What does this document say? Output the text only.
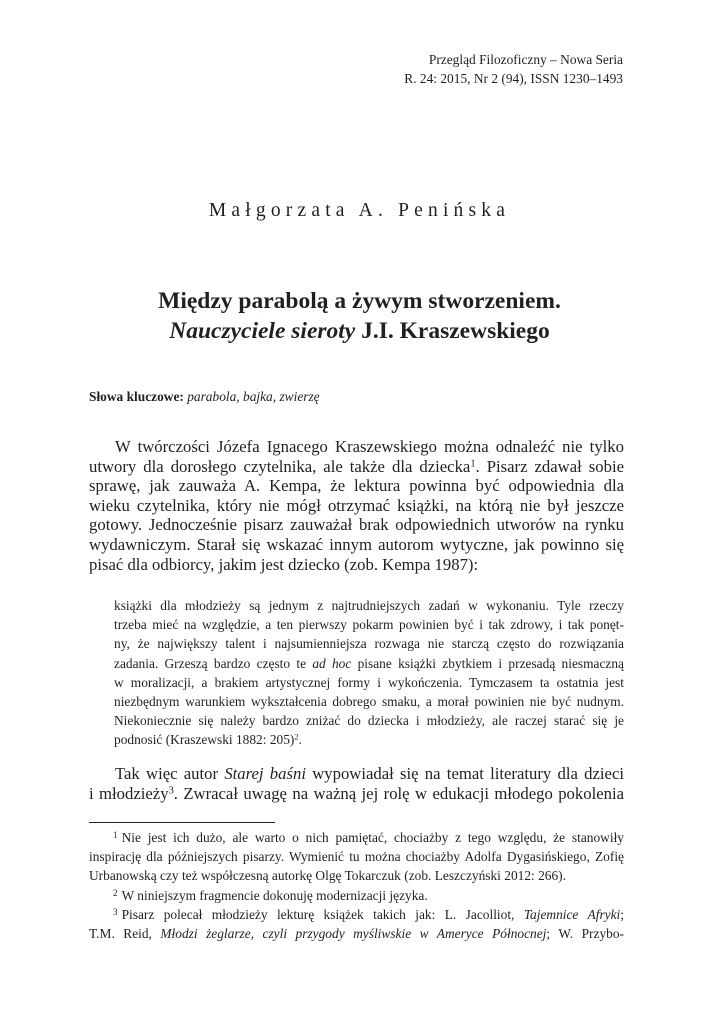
Przegląd Filozoficzny – Nowa Seria
R. 24: 2015, Nr 2 (94), ISSN 1230–1493
Małgorzata A. Penińska
Między parabolą a żywym stworzeniem.
Nauczyciele sieroty J.I. Kraszewskiego
Słowa kluczowe: parabola, bajka, zwierzę
W twórczości Józefa Ignacego Kraszewskiego można odnaleźć nie tylko
utwory dla dorosłego czytelnika, ale także dla dziecka$^1$. Pisarz zdawał sobie
sprawę, jak zauważa A. Kempa, że lektura powinna być odpowiednia dla
wieku czytelnika, który nie mógł otrzymać książki, na którą nie był jeszcze
gotowy. Jednocześnie pisarz zauważał brak odpowiednich utworów na rynku
wydawniczym. Starał się wskazać innym autorom wytyczne, jak powinno się
pisać dla odbiorcy, jakim jest dziecko (zob. Kempa 1987):
książki dla młodzieży są jednym z najtrudniejszych zadań w wykonaniu. Tyle rzeczy
trzeba mieć na względzie, a ten pierwszy pokarm powinien być i tak zdrowy, i tak ponęt-
ny, że największy talent i najsumienniejsza rozwaga nie starczą często do rozwiązania
zadania. Grzeszą bardzo często te ad hoc pisane książki zbytkiem i przesadą niesmaczną
w moralizacji, a brakiem artystycznej formy i wykończenia. Tymczasem ta ostatnia jest
niezbędnym warunkiem wykształcenia dobrego smaku, a morał powinien nie być nudnym.
Niekoniecznie się należy bardzo zniżać do dziecka i młodzieży, ale raczej starać się je
podnosić (Kraszewski 1882: 205)$^2$.
Tak więc autor Starej baśni wypowiadał się na temat literatury dla dzieci
i młodzieży$^3$. Zwracał uwagę na ważną jej rolę w edukacji młodego pokolenia
$^1$ Nie jest ich dużo, ale warto o nich pamiętać, chociażby z tego względu, że stanowiły
inspirację dla późniejszych pisarzy. Wymienić tu można chociażby Adolfa Dygasińskiego, Zofię
Urbanowską czy też współczesną autorkę Olgę Tokarczuk (zob. Leszczyński 2012: 266).
$^2$ W niniejszym fragmencie dokonuję modernizacji języka.
$^3$ Pisarz polecał młodzieży lekturę książek takich jak: L. Jacolliot, Tajemnice Afryki;
T.M. Reid, Młodzi żeglarze, czyli przygody myśliwskie w Ameryce Północnej; W. Przybo-
